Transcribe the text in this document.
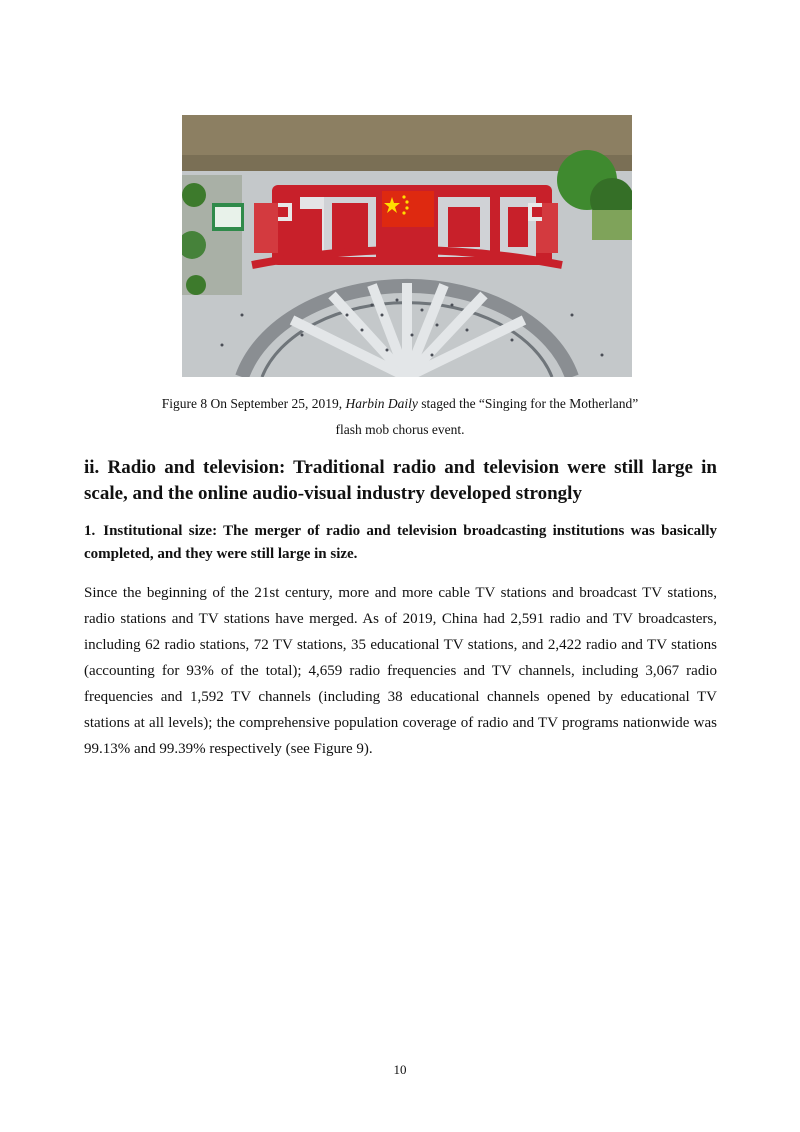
Figure 8 On September 25, 2019, Harbin Daily staged the “Singing for the Motherland”
flash mob chorus event.
ii. Radio and television: Traditional radio and television were still large in scale, and the online audio-visual industry developed strongly
1. Institutional size: The merger of radio and television broadcasting institutions was basically completed, and they were still large in size.

Since the beginning of the 21st century, more and more cable TV stations and broadcast TV stations, radio stations and TV stations have merged. As of 2019, China had 2,591 radio and TV broadcasters, including 62 radio stations, 72 TV stations, 35 educational TV stations, and 2,422 radio and TV stations (accounting for 93% of the total); 4,659 radio frequencies and TV channels, including 3,067 radio frequencies and 1,592 TV channels (including 38 educational channels opened by educational TV stations at all levels); the comprehensive population coverage of radio and TV programs nationwide was 99.13% and 99.39% respectively (see Figure 9).

10
